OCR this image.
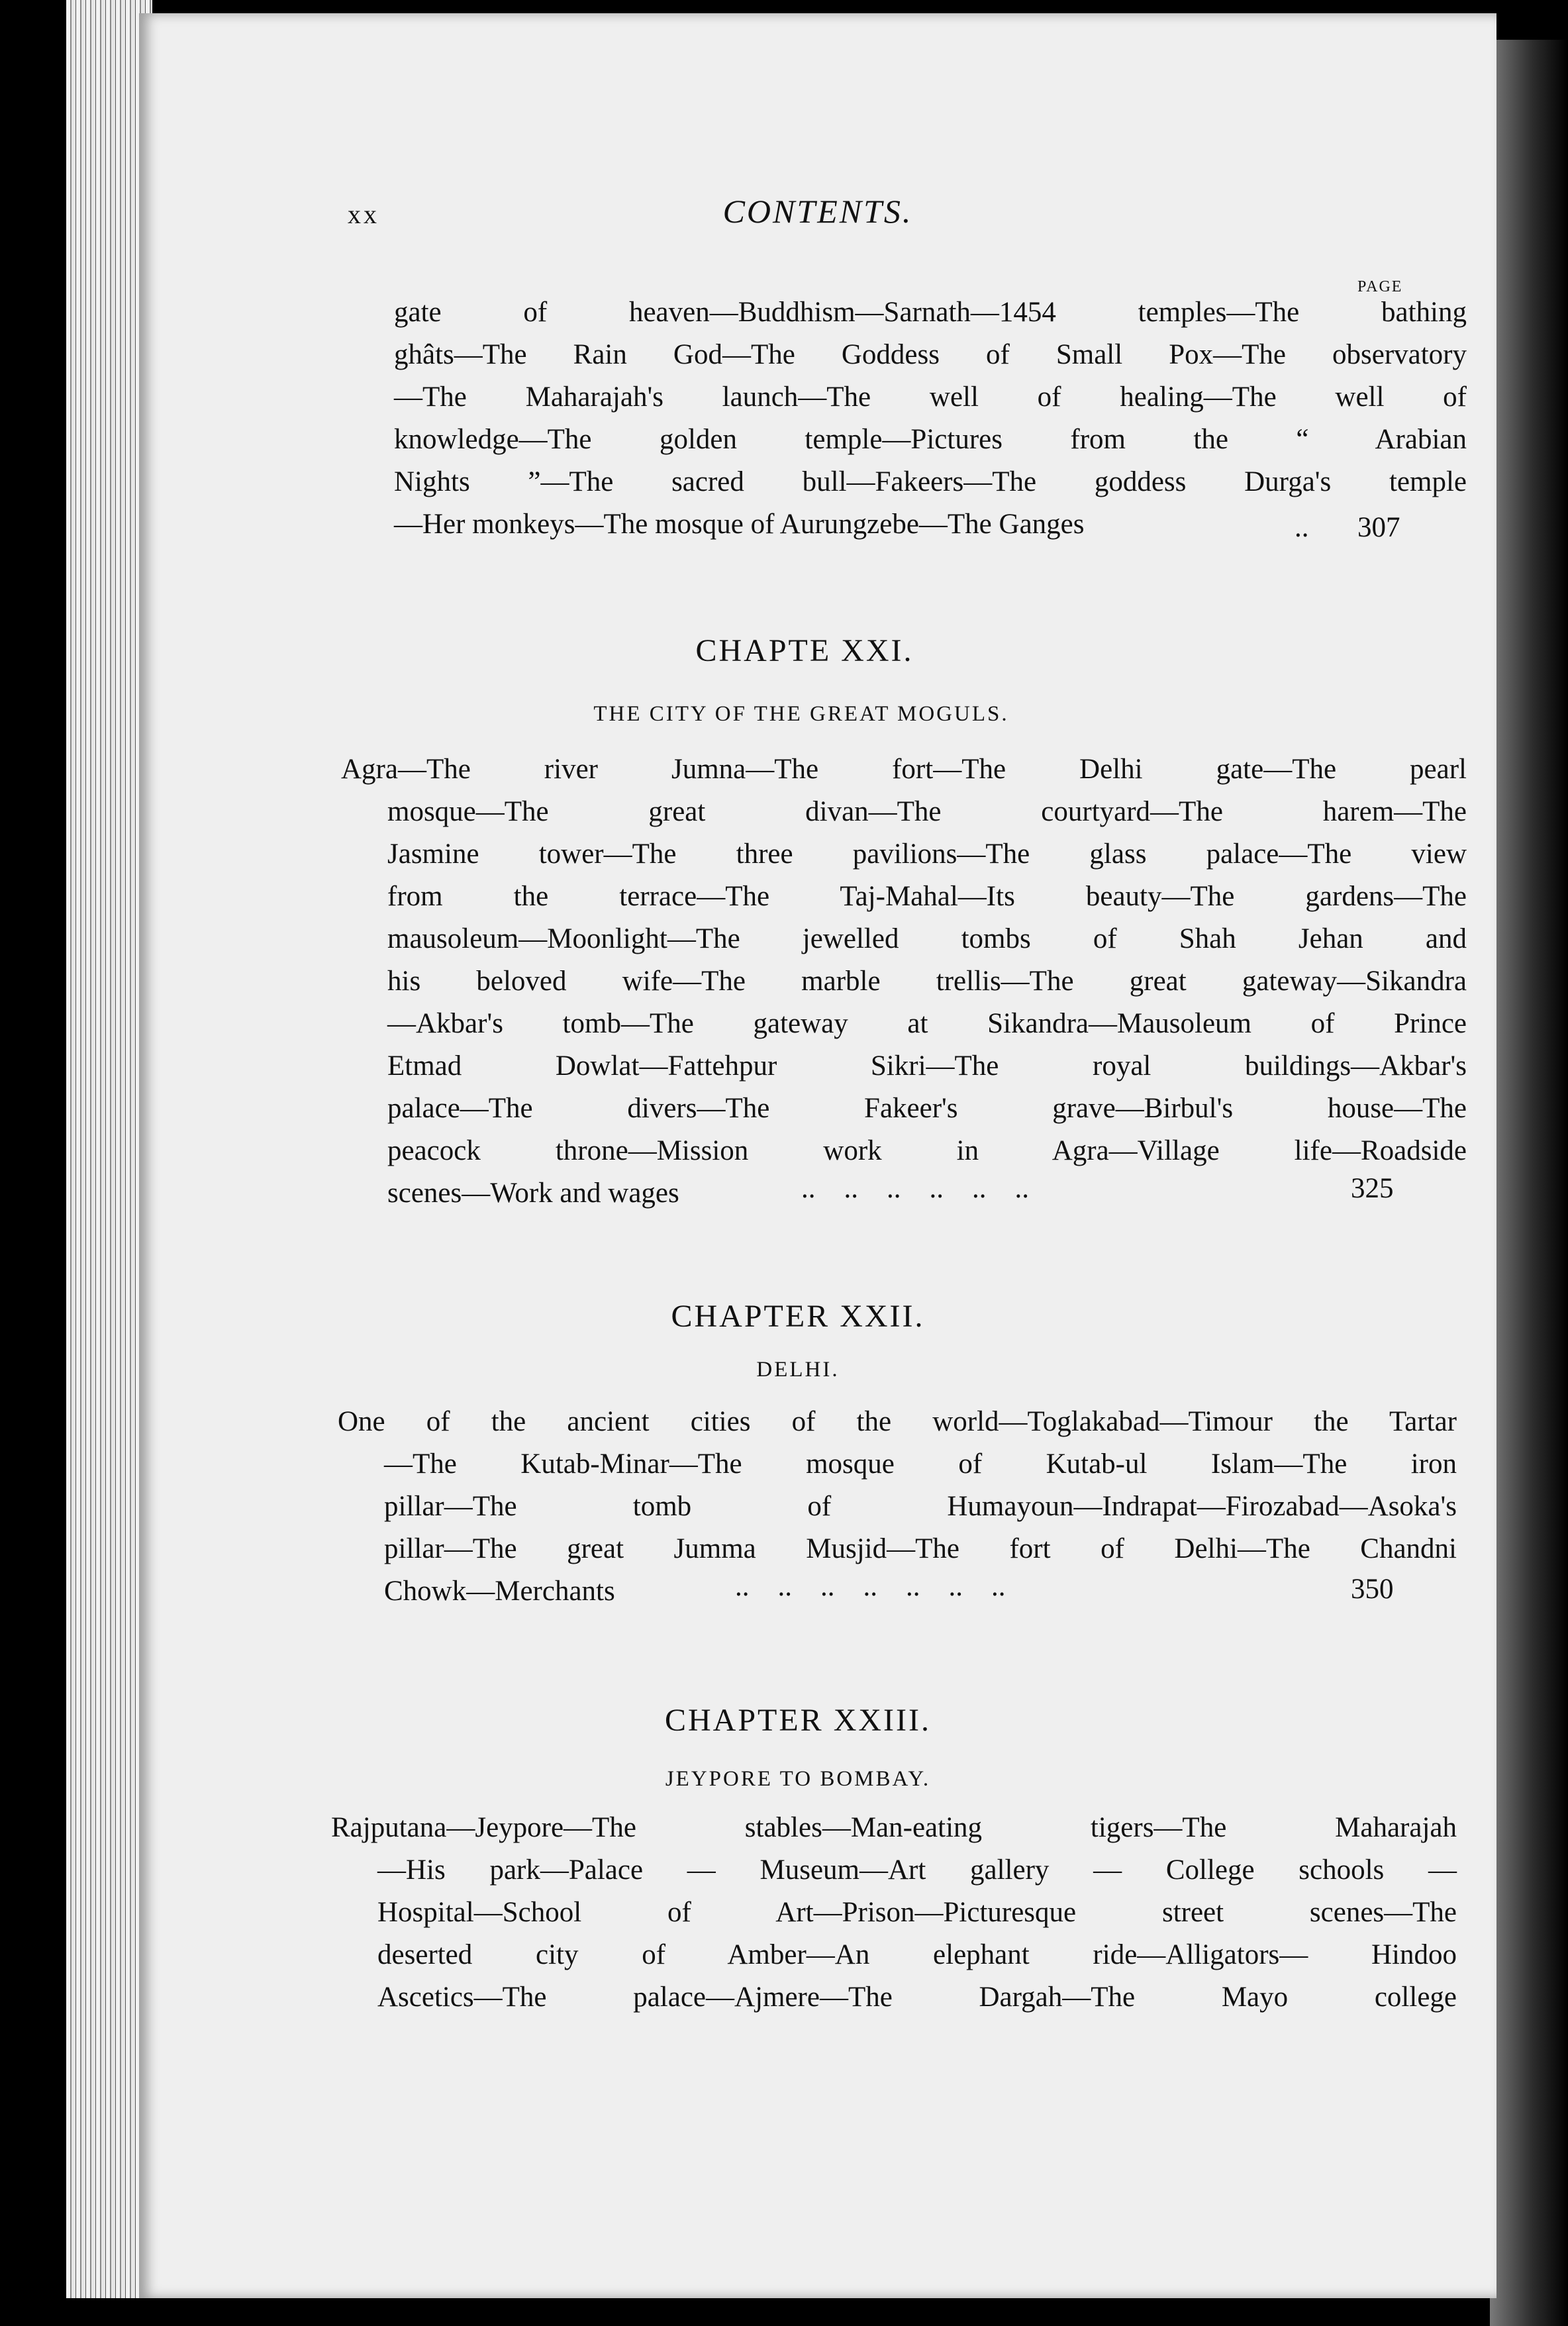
xx	CONTENTS.
PAGE
gate of heaven—Buddhism—Sarnath—1454 temples—The bathing
ghâts—The Rain God—The Goddess of Small Pox—The observatory
—The Maharajah's launch—The well of healing—The well of
knowledge—The golden temple—Pictures from the “ Arabian
Nights ”—The sacred bull—Fakeers—The goddess Durga's temple
—Her monkeys—The mosque of Aurungzebe—The Ganges	.. 307
CHAPTE XXI.
THE CITY OF THE GREAT MOGULS.
Agra—The river Jumna—The fort—The Delhi gate—The pearl
mosque—The great divan—The courtyard—The harem—The
Jasmine tower—The three pavilions—The glass palace—The view
from the terrace—The Taj-Mahal—Its beauty—The gardens—The
mausoleum—Moonlight—The jewelled tombs of Shah Jehan and
his beloved wife—The marble trellis—The great gateway—Sikandra
—Akbar's tomb—The gateway at Sikandra—Mausoleum of Prince
Etmad Dowlat—Fattehpur Sikri—The royal buildings—Akbar's
palace—The divers—The Fakeer's grave—Birbul's house—The
peacock throne—Mission work in Agra—Village life—Roadside
scenes—Work and wages	..    ..    ..    ..    ..    ..	325
CHAPTER XXII.
DELHI.
One of the ancient cities of the world—Toglakabad—Timour the Tartar
—The Kutab-Minar—The mosque of Kutab-ul Islam—The iron
pillar—The tomb of Humayoun—Indrapat—Firozabad—Asoka's
pillar—The great Jumma Musjid—The fort of Delhi—The Chandni
Chowk—Merchants	..    ..    ..    ..    ..    ..    ..	350
CHAPTER XXIII.
JEYPORE TO BOMBAY.
Rajputana—Jeypore—The stables—Man-eating tigers—The Maharajah
—His park—Palace — Museum—Art gallery — College schools —
Hospital—School of Art—Prison—Picturesque street scenes—The
deserted city of Amber—An elephant ride—Alligators— Hindoo
Ascetics—The palace—Ajmere—The Dargah—The Mayo college
